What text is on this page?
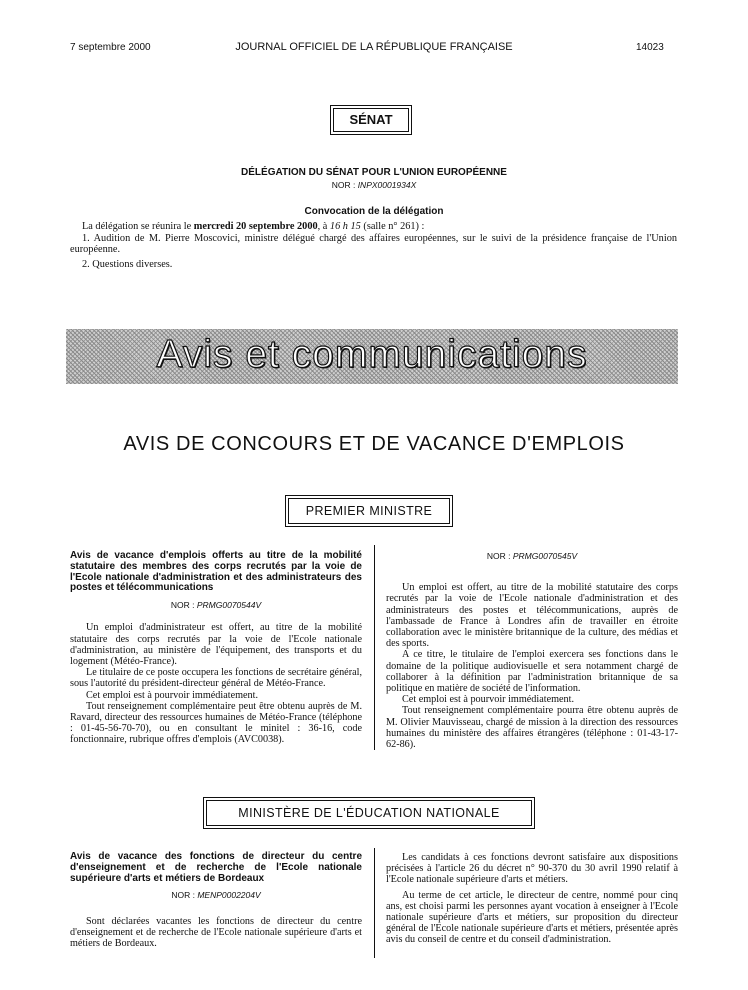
7 septembre 2000	JOURNAL OFFICIEL DE LA RÉPUBLIQUE FRANÇAISE	14023
SÉNAT
DÉLÉGATION DU SÉNAT POUR L'UNION EUROPÉENNE
NOR : INPX0001934X
Convocation de la délégation
La délégation se réunira le mercredi 20 septembre 2000, à 16 h 15 (salle n° 261) :
1. Audition de M. Pierre Moscovici, ministre délégué chargé des affaires européennes, sur le suivi de la présidence française de l'Union européenne.
2. Questions diverses.
Avis et communications
AVIS DE CONCOURS ET DE VACANCE D'EMPLOIS
PREMIER MINISTRE

Avis de vacance d'emplois offerts au titre de la mobilité statutaire des membres des corps recrutés par la voie de l'Ecole nationale d'administration et des administrateurs des postes et télécommunications

NOR : PRMG0070544V

Un emploi d'administrateur est offert, au titre de la mobilité statutaire des corps recrutés par la voie de l'Ecole nationale d'administration, au ministère de l'équipement, des transports et du logement (Météo-France).

Le titulaire de ce poste occupera les fonctions de secrétaire général, sous l'autorité du président-directeur général de Météo-France.

Cet emploi est à pourvoir immédiatement.

Tout renseignement complémentaire peut être obtenu auprès de M. Ravard, directeur des ressources humaines de Météo-France (téléphone : 01-45-56-70-70), ou en consultant le minitel : 36-16, code fonctionnaire, rubrique offres d'emplois (AVC0038).

NOR : PRMG0070545V

Un emploi est offert, au titre de la mobilité statutaire des corps recrutés par la voie de l'Ecole nationale d'administration et des administrateurs des postes et télécommunications, auprès de l'ambassade de France à Londres afin de travailler en étroite collaboration avec le ministère britannique de la culture, des médias et des sports.

A ce titre, le titulaire de l'emploi exercera ses fonctions dans le domaine de la politique audiovisuelle et sera notamment chargé de collaborer à la définition par l'administration britannique de sa politique en matière de société de l'information.

Cet emploi est à pourvoir immédiatement.

Tout renseignement complémentaire pourra être obtenu auprès de M. Olivier Mauvisseau, chargé de mission à la direction des ressources humaines du ministère des affaires étrangères (téléphone : 01-43-17-62-86).

MINISTÈRE DE L'ÉDUCATION NATIONALE

Avis de vacance des fonctions de directeur du centre d'enseignement et de recherche de l'Ecole nationale supérieure d'arts et métiers de Bordeaux

NOR : MENP0002204V

Sont déclarées vacantes les fonctions de directeur du centre d'enseignement et de recherche de l'Ecole nationale supérieure d'arts et métiers de Bordeaux.

Les candidats à ces fonctions devront satisfaire aux dispositions précisées à l'article 26 du décret n° 90-370 du 30 avril 1990 relatif à l'Ecole nationale supérieure d'arts et métiers.

Au terme de cet article, le directeur de centre, nommé pour cinq ans, est choisi parmi les personnes ayant vocation à enseigner à l'Ecole nationale supérieure d'arts et métiers, sur proposition du directeur général de l'Ecole nationale supérieure d'arts et métiers, présentée après avis du conseil de centre et du conseil d'administration.
